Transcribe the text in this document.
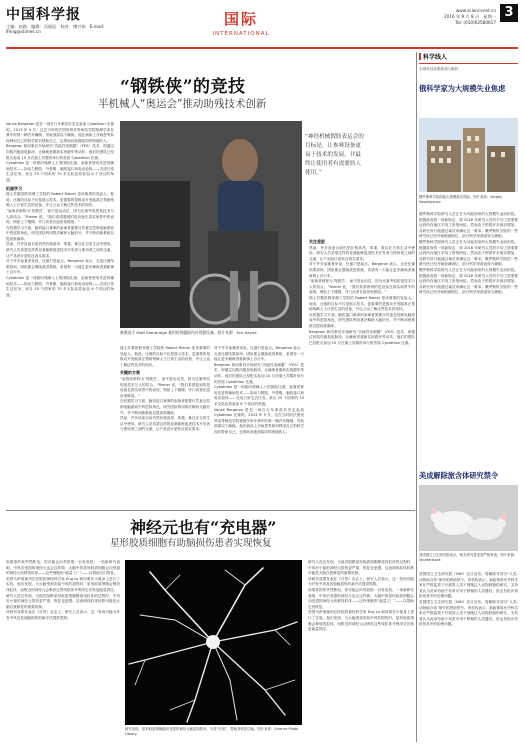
中国科学报
主编：赵路　编辑：冯丽妃　校对：傅兴伟　E-mail: lfeng@stimes.cn
国际
INTERNATIONAL
www.sciencenet.cn
2016 年 9 月 8 日　星期一
Tel: (010)62580617
3
“钢铁侠”的竞技
半机械人“奥运会”推动助残技术创新

Vance Bergeron 是在一场自行车事故后决定参加 Cybathlon 比赛的。2013 年 9 月，这位当时的法国里昂高等师范学院物理学家在骑车时被一辆汽车撞倒，导致颈部以下瘫痪。他在病床上开始思考如何利用自己的科学知识帮助自己，也帮助其他面临同样困境的人。

Bergeron 和同事们开始研究“功能性电刺激”（FES）技术，即通过向肌肉施加电脉冲，让瘫痪者重新实现蹬车等动作。他们的团队已经报名参加 10 月在瑞士苏黎世举行的首届 Cybathlon 比赛。

Cybathlon 是一项面向残障人士的国际比赛，参赛者使用先进的辅助技术——如动力假肢、外骨骼、脑机接口和电动轮椅——完成日常生活任务。来自 25 个国家的 70 多支队伍将参加 6 个项目的角逐。

机器学习

瑞士苏黎世联邦理工学院的 Robert Riener 是该赛事的发起人。他说，比赛的目标不仅是展示技术，更重要的是推动开发能真正帮助残障人士日常生活的设备，并让公众了解这些技术的现状。

“参赛者被称为‘驾驶员’，而不是运动员，因为比赛考验的是技术与人的结合。”Riener 说，“我们希望看到的是设备在真实场景中的表现，例如上下楼梯、开门或者在厨房里做饭。”

在机器学习方面，脑机接口赛事的参赛者需要仅凭意念控制电脑游戏中的虚拟角色。研究团队利用算法解析大脑信号，并不断训练系统以提高准确率。

然而，许多设备目前仍然价格高昂、笨重，难以在日常生活中使用。研究人员希望这样的竞赛能够促进技术开发者与使用者之间的交流，让产品设计更贴近真实需求。

对于许多参赛者来说，比赛只是起点。Bergeron 表示，无论比赛结果如何，团队都会继续改进系统，希望有一天能让更多瘫痪者重新骑上自行车。

Cybathlon 是一项面向残障人士的国际比赛，参赛者使用先进的辅助技术——如动力假肢、外骨骼、脑机接口和电动轮椅——完成日常生活任务。来自 25 个国家的 70 多支队伍将参加 6 个项目的角逐。

参赛选手 Matt Standridge 使用的脊髓损伤外骨骼设备。图片来源：Eric Kayne
“神经机械假肢表运会的目标是，让参赛设备更易于技术的发展，并最终让使用者有需要的人使用。”

瑞士苏黎世联邦理工学院的 Robert Riener 是该赛事的发起人。他说，比赛的目标不仅是展示技术，更重要的是推动开发能真正帮助残障人士日常生活的设备，并让公众了解这些技术的现状。

关键的方案

“参赛者被称为‘驾驶员’，而不是运动员，因为比赛考验的是技术与人的结合。”Riener 说，“我们希望看到的是设备在真实场景中的表现，例如上下楼梯、开门或者在厨房里做饭。”

在机器学习方面，脑机接口赛事的参赛者需要仅凭意念控制电脑游戏中的虚拟角色。研究团队利用算法解析大脑信号，并不断训练系统以提高准确率。

然而，许多设备目前仍然价格高昂、笨重，难以在日常生活中使用。研究人员希望这样的竞赛能够促进技术开发者与使用者之间的交流，让产品设计更贴近真实需求。

对于许多参赛者来说，比赛只是起点。Bergeron 表示，无论比赛结果如何，团队都会继续改进系统，希望有一天能让更多瘫痪者重新骑上自行车。

Bergeron 和同事们开始研究“功能性电刺激”（FES）技术，即通过向肌肉施加电脉冲，让瘫痪者重新实现蹬车等动作。他们的团队已经报名参加 10 月在瑞士苏黎世举行的首届 Cybathlon 比赛。

Cybathlon 是一项面向残障人士的国际比赛，参赛者使用先进的辅助技术——如动力假肢、外骨骼、脑机接口和电动轮椅——完成日常生活任务。来自 25 个国家的 70 多支队伍将参加 6 个项目的角逐。

Vance Bergeron 是在一场自行车事故后决定参加 Cybathlon 比赛的。2013 年 9 月，这位当时的法国里昂高等师范学院物理学家在骑车时被一辆汽车撞倒，导致颈部以下瘫痪。他在病床上开始思考如何利用自己的科学知识帮助自己，也帮助其他面临同样困境的人。

关注差距

然而，许多设备目前仍然价格高昂、笨重，难以在日常生活中使用。研究人员希望这样的竞赛能够促进技术开发者与使用者之间的交流，让产品设计更贴近真实需求。

对于许多参赛者来说，比赛只是起点。Bergeron 表示，无论比赛结果如何，团队都会继续改进系统，希望有一天能让更多瘫痪者重新骑上自行车。

“参赛者被称为‘驾驶员’，而不是运动员，因为比赛考验的是技术与人的结合。”Riener 说，“我们希望看到的是设备在真实场景中的表现，例如上下楼梯、开门或者在厨房里做饭。”

瑞士苏黎世联邦理工学院的 Robert Riener 是该赛事的发起人。他说，比赛的目标不仅是展示技术，更重要的是推动开发能真正帮助残障人士日常生活的设备，并让公众了解这些技术的现状。

在机器学习方面，脑机接口赛事的参赛者需要仅凭意念控制电脑游戏中的虚拟角色。研究团队利用算法解析大脑信号，并不断训练系统以提高准确率。

Bergeron 和同事们开始研究“功能性电刺激”（FES）技术，即通过向肌肉施加电脉冲，让瘫痪者重新实现蹬车等动作。他们的团队已经报名参加 10 月在瑞士苏黎世举行的首届 Cybathlon 比赛。

神经元也有“充电器”
星形胶质细胞有助脑损伤患者实现恢复

如果你的家突然断电，你可能会向邻居借一台发电机。一项新研究表明，中风后受损的神经元也会这样做：大脑中的星形胶质细胞会向受损的神经元转移线粒体——这些细胞的“能量工厂”——以帮助它们恢复。

美国马萨诸塞州总医院的神经科学家 Eng Lo 和同事在小鼠身上进行了实验。他们发现，当大脑受到类似中风的损伤时，星形胶质细胞会释放线粒体，而附近的神经元会吸收这些线粒体并利用它们恢复能量供应。

研究人员还发现，当他们阻断星形胶质细胞释放线粒体的过程时，中风后小鼠的神经元损伤更严重，恢复也更慢。这表明线粒体转移可能是大脑自我修复的重要机制。

该研究成果发表在《自然》杂志上。研究人员表示，这一发现可能为开发中风及其他脑损伤的新疗法提供思路。

研究发现，星形胶质细胞能向受损的神经元输送线粒体，为其“充电”，帮助其恢复功能。图片来源：Science Photo Library

研究人员还发现，当他们阻断星形胶质细胞释放线粒体的过程时，中风后小鼠的神经元损伤更严重，恢复也更慢。这表明线粒体转移可能是大脑自我修复的重要机制。

该研究成果发表在《自然》杂志上。研究人员表示，这一发现可能为开发中风及其他脑损伤的新疗法提供思路。

如果你的家突然断电，你可能会向邻居借一台发电机。一项新研究表明，中风后受损的神经元也会这样做：大脑中的星形胶质细胞会向受损的神经元转移线粒体——这些细胞的“能量工厂”——以帮助它们恢复。

美国马萨诸塞州总医院的神经科学家 Eng Lo 和同事在小鼠身上进行了实验。他们发现，当大脑受到类似中风的损伤时，星形胶质细胞会释放线粒体，而附近的神经元会吸收这些线粒体并利用它们恢复能量供应。

科学线人
全球科技政策新闻与解析
俄科学家为大规模失业焦虑
俄罗斯科学院面临大规模裁员风险。图片来源：Sergey Savostyanov

俄罗斯科学院研究人员正在为可能到来的大规模失业而担忧。根据政府的一项新规定，到 2018 年研究人员的平均工资需要达到所在地区平均工资的两倍。然而由于预算并未相应增加，各研究所只能通过裁员来满足这一要求。俄罗斯科学院的一些研究所已经开始削减职位，部分科学家被迫转为兼职。

俄罗斯科学院研究人员正在为可能到来的大规模失业而担忧。根据政府的一项新规定，到 2018 年研究人员的平均工资需要达到所在地区平均工资的两倍。然而由于预算并未相应增加，各研究所只能通过裁员来满足这一要求。俄罗斯科学院的一些研究所已经开始削减职位，部分科学家被迫转为兼职。

俄罗斯科学院研究人员正在为可能到来的大规模失业而担忧。根据政府的一项新规定，到 2018 年研究人员的平均工资需要达到所在地区平均工资的两倍。然而由于预算并未相应增加，各研究所只能通过裁员来满足这一要求。俄罗斯科学院的一些研究所已经开始削减职位，部分科学家被迫转为兼职。

美成解除旅含体研究禁令
美国国立卫生研究院表示，相关研究将受到严格审查。图片来源：Shutterstock

美国国立卫生研究院（NIH）近日宣布，将解除对部分“人类-动物嵌合体”研究的资助禁令。该机构表示，新政策将允许科学家在严格监管下开展将人类干细胞注入动物胚胎的研究。支持者认为此举有助于培育可用于移植的人类器官，但也有批评者担忧其中的伦理问题。

美国国立卫生研究院（NIH）近日宣布，将解除对部分“人类-动物嵌合体”研究的资助禁令。该机构表示，新政策将允许科学家在严格监管下开展将人类干细胞注入动物胚胎的研究。支持者认为此举有助于培育可用于移植的人类器官，但也有批评者担忧其中的伦理问题。
